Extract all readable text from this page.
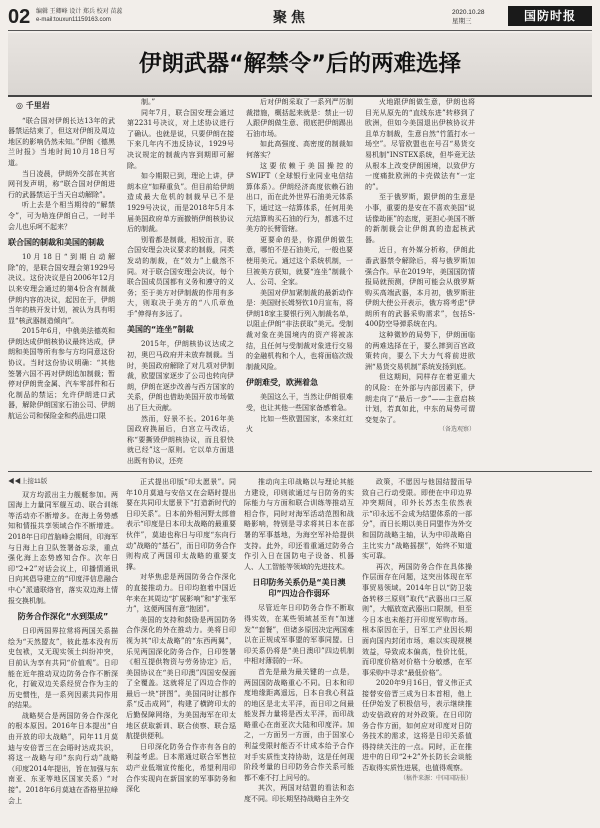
02 编辑 王卿峰 设计 郑兵 校对 苗蕊
e-mail:touxun11159163.com	聚焦	2020.10.28
星期三	国防时报
伊朗武器“解禁令”后的两难选择
◎ 千里岩

“联合国对伊朗长达13年的武器禁运结束了，但这对伊朗及周边地区的影响仍然未知。”伊朗《德黑兰时报》当地时间10月18日写道。

当日凌晨，伊朗外交部在其官网刊发声明，称“联合国对伊朗进行的武器禁运于当天自动解除”。

听上去是个相当期待的“解禁令”，可为啥连伊朗自己，一时半会儿也乐呵不起来？

联合国的制裁和美国的制裁

10月18日“到期自动解除”的，是联合国安理会第1929号决议。这份决议是自2006年12月以来安理会通过的第4份含有制裁伊朗内容的决议，起因在于，伊朗当年的核开发计划，被认为具有明显“核武器制造倾向”。

2015年6月，中俄美法德英和伊朗达成伊朗核协议最终达成，伊朗和美国等所有参与方均同意这份协议。当时这份协议明确：“其他签署六国不再对伊朗追加制裁；暂停对伊朗贵金属、汽车零部件和石化制品的禁运；允许伊朗进口武器，解除伊朗国家石油公司、伊朗航运公司和保险金和药品进口限

制。”

同年7月，联合国安理会通过第2231号决议，对上述协议进行了确认。也就是说，只要伊朗在接下来几年内不违反协议，1929号决议规定的制裁内容到期即可解除。

如今期限已到，理论上讲，伊朗本应“如释重负”。但目前给伊朗造成最大危机的制裁早已不是1929号决议，而是2018年5月本届美国政府单方面撤销伊朗核协议后的制裁。

别看都是制裁，相较而言，联合国安理会决议要求的制裁，同类发动的制裁，在“效力”上截然不同。对于联合国安理会决议，每个联合国成员国都有义务和遵守的义务；至于美方对伊制裁的作用有多大，则取决于美方的“八爪章鱼手”伸得有多远了。

美国的“连坐”制裁

2015年，伊朗核协议达成之初，奥巴马政府并未放弃制裁。当时，美国政府解除了对几项对伊制裁，欧盟国家逐步了公司也转向伊朗，伊朗在逐步改善与西方国家的关系，伊朗也借助美国开放市场做出了巨大贡献。

然而，好景不长。2016年美国政府换届后，白宫立马改话，称“要撕毁伊朗核协议，而且很快就已经”这一原则。它以单方面退出既有协议，还亮

后对伊朗采取了一系列严厉制裁措施，概括起来就是：禁止一切人跟伊朗做生意、彻底把伊朗踢出石油市场。

如此高强度、高密度的制裁如何落实？

这要依赖于美国操控的SWIFT（全球银行业同业电信结算体系）。伊朗经济高度依赖石油出口，而在此外世界石油美元体系下，通过这一结算体系，任何用美元结算购买石油的行为，都逃不过美方的长臂管辖。

更要命的是，你跟伊朗做生意，哪怕不是石油美元，一般也要使用美元。通过这个系统机制，一旦被美方获知，就要“连坐”制裁个人、公司、全家。

美国对伊加紧制裁的最新动作是：美国财长姆努钦10月宣布，将伊朗18家主要银行列入制裁名单，以阻止伊朗“非法获取”美元。受制裁对象在美国境内的资产将被冻结，且任何与受制裁对象进行交易的金融机构和个人，也将面临次级制裁风险。

伊朗难受，欧洲着急

美国这么干，当然让伊朗很难受，也让其他一些国家备感着急。

比如一些欧盟国家，本来红红火

火地跟伊朗做生意，伊朗也将目光从原先的“直线东进”转移到了欧洲，但如今美国退出伊核协议并且单方制裁，生意自然“竹篮打水一场空”。尽管欧盟也在号召“易货交易机制”INSTEX系统，但毕竟无法从根本上改变伊朗困境，以致伊方一度痛批欧洲的卡壳做法有“一定的”。

至于俄罗斯，跟伊朗的生意是小事，重要的是安在不喜欢美国“说话像劫匪”的态度，更担心美国不断的新制裁会让伊朗真的造起核武器。

近日，有外媒分析称，伊朗此番武器禁令解除后，将与俄罗斯加强合作。早在2019年，美国国防情报局就预测，伊朗可能会从俄罗斯购买高端武器，本月初，俄罗斯驻伊朗大使公开表示，俄方将考虑“伊朗所有的武器采购需求”，包括S-400防空导弹系统在内。

这种微妙的局势下，伊朗面临的两难选择在于，要么摔到百宫政策转向，要么下大力气将前进欧洲“易货交易机制”系统发扬到底。

但这期间，同样存在着更重大的风险：在外部与内部因素下，伊朗走向了“最后一步”——主意启核计划，若真如此，中东的局势可谓变复杂了。

（备选观察）

◀◀上接11版

双方均派出主力舰艇参加。两国海上力量同军舰互动、联合训练等活动亦不断增多。在海上务势感知和情报共享领域合作不断增进。2018年日印首脑峰会期间，印海军与日海上自卫队签署备忘录，重点强化海上态势感知合作。次年日印“2+2”对话会议上，印播情通讯日向其倡导建立的“印度洋信息融合中心”派遣联络官，落实双边海上情报交换机制。

防务合作深化“水到渠成”

日印两国界拉常将两国关系描绘为“天然盟友”，彼此基本没有历史包袱，又无现实领土纠纷冲突，目前认为享有共同“价值观”。日印能在近年推动双边防务合作不断深化，打破双边关系经贸合作为主的历史惯性，是一系列因素共同作用的结果。

战略契合是两国防务合作深化的根本原因。2016年日本提出“自由开放的印太战略”，同年11月莫迪与安倍晋三在会晤时达成共识，将这一战略与印“东向行动”战略（印度2014年提出，旨在加强与东南亚、东亚等地区国家关系）“对接”。2018年6月莫迪在香格里拉峰会上

正式提出印版“印太愿景”。同年10月莫迪与安倍又在会晤时提出要在共同印太愿景下“打造新时代的日印关系”。日本前外相河野太郎曾表示“印度是日本印太战略的最重要伙伴”，莫迪也称日与印度“东向行动”战略的“基石”，而日印防务合作则构成了两国印太战略的重要支撑。

对华焦虑是两国防务合作深化的直接推动力。日印均抱着中国近年来在其周边“扩展影响”和“扩张军力”，这便两国有意“抱团”。

美国的支持和鼓励是两国防务合作深化的外在推动力。美将日印视为其“印太战略”的“东西两翼”，乐见两国深化防务合作，日印签署《相互提供物资与劳务协定》后，美国协议在“美日印澳”四国安保面了全覆盖。这就将足了四边合作的最后一块“拼图”。美国同时让都作系“反击成网”，构建了横跨印太的后勤保障网络，为美国海军在印太地区获取新训、联合侦察、联合巡航提供便利。

日印深化防务合作亦有各自的利益考虑。日本需通过联合军售拉动产业低端宣传能化，希望利用印合作实现向在新国家的军事防务和深化

推动向主印战略以与理论其能力建设，印则欲通过与日防务的实际能力与方面和联合训练等推动互相合作，同时对海军活动范围和战略影响，特别是寻求将其日本在部署的军事基地，为海空军补给提供支持。此外，印还看重通过防务合作引入日在国防电子设备、机器人、人工智能等领域的先进技术。

日印防务关系仍是“美日澳印”四边合作弱环

尽管近年日印防务合作不断取得实效，在某些领域甚至有“加速发”“套餐”，但诸多原因决定两国难以在正规成军事盟的军事同盟。日印关系仍将是“美日澳印”四边机制中相对薄弱的一环。

首先是最为最关键的一点是，两国国防战略重心不同。日本和印度地缘距离遥远，日本自我心利益的地区是北太平洋，而日印之间最能发挥力量将是西太平洋，而印战略重心在南亚次大陆和印度洋。加之，一方面另一方面，由于国家心利益受限时能否不计成本给予合作对手实质性支持协助，这是任何现阶段考量的日印防务合作关系可能都不难不打上问号的。

其次，两国对结盟的看法和态度不同。印长期坚持战略自主外交

政策，不愿因与他国结盟而导致自己行动受限。即使在中印边界冲突期间，印外长苏杰生依然表示“印永远不会成为结盟体系的一部分”，而日长期以美日同盟作为外交和国防战略主轴，认为中印战略自主比实力“战略摇摆”，始终不知道实可靠。

再次，两国防务合作在具体操作层面存在问题，这突出体现在军事贸易领域。2014年日以“防卫装备转移三原则”取代“武器出口三原则”，大幅放宽武器出口限制，但至今日本也未能打开印度军购市场。根本原因在于，日军工产业因长期面向国内封闭市场，难以实现规模效益，导致成本偏高，性价比低，而印度价格对价格十分敏感，在军事采购中寻求“最低价格”。

2020年9月16日，菅义伟正式接替安倍晋三成为日本首相，他上任伊始发了积极信号，表示继续推动安倍政府的对外政策。在日印防务合作方面，如何应对印度对日防务技术的需求，这将是日印关系值得持续关注的一点。同时，正在推进中的日印“2+2”外长防长会谈能否取得实质性进展，也值得观察。

（稿件来源：中国国防报）
